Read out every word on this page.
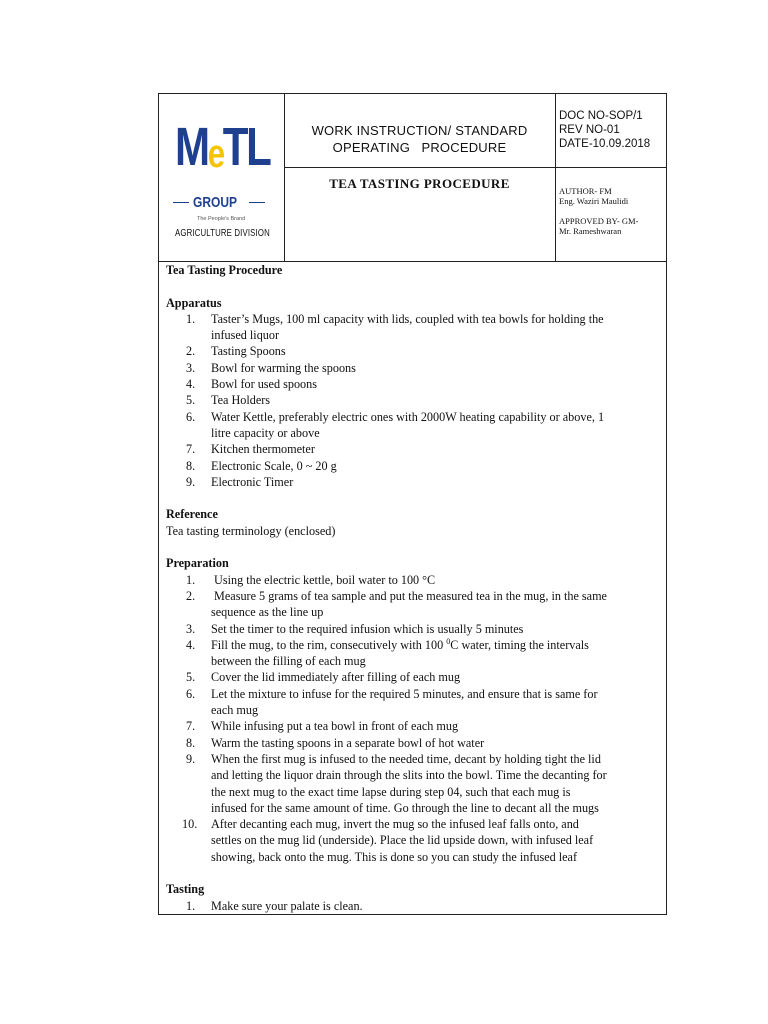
MeTL
GROUP
The People's Brand
AGRICULTURE DIVISION
WORK INSTRUCTION/ STANDARD
OPERATING   PROCEDURE
TEA TASTING PROCEDURE
DOC NO-SOP/1
REV NO-01
DATE-10.09.2018
AUTHOR- FM
Eng. Waziri Maulidi
APPROVED BY- GM-
Mr. Rameshwaran
Tea Tasting Procedure
Apparatus
1. Taster’s Mugs, 100 ml capacity with lids, coupled with tea bowls for holding the
infused liquor
2. Tasting Spoons
3. Bowl for warming the spoons
4. Bowl for used spoons
5. Tea Holders
6. Water Kettle, preferably electric ones with 2000W heating capability or above, 1
litre capacity or above
7. Kitchen thermometer
8. Electronic Scale, 0 ~ 20 g
9. Electronic Timer
Reference
Tea tasting terminology (enclosed)
Preparation
1. Using the electric kettle, boil water to 100 °C
2. Measure 5 grams of tea sample and put the measured tea in the mug, in the same
sequence as the line up
3. Set the timer to the required infusion which is usually 5 minutes
4. Fill the mug, to the rim, consecutively with 100 $^0$C water, timing the intervals
between the filling of each mug
5. Cover the lid immediately after filling of each mug
6. Let the mixture to infuse for the required 5 minutes, and ensure that is same for
each mug
7. While infusing put a tea bowl in front of each mug
8. Warm the tasting spoons in a separate bowl of hot water
9. When the first mug is infused to the needed time, decant by holding tight the lid
and letting the liquor drain through the slits into the bowl. Time the decanting for
the next mug to the exact time lapse during step 04, such that each mug is
infused for the same amount of time. Go through the line to decant all the mugs
10. After decanting each mug, invert the mug so the infused leaf falls onto, and
settles on the mug lid (underside). Place the lid upside down, with infused leaf
showing, back onto the mug. This is done so you can study the infused leaf
Tasting
1. Make sure your palate is clean.
